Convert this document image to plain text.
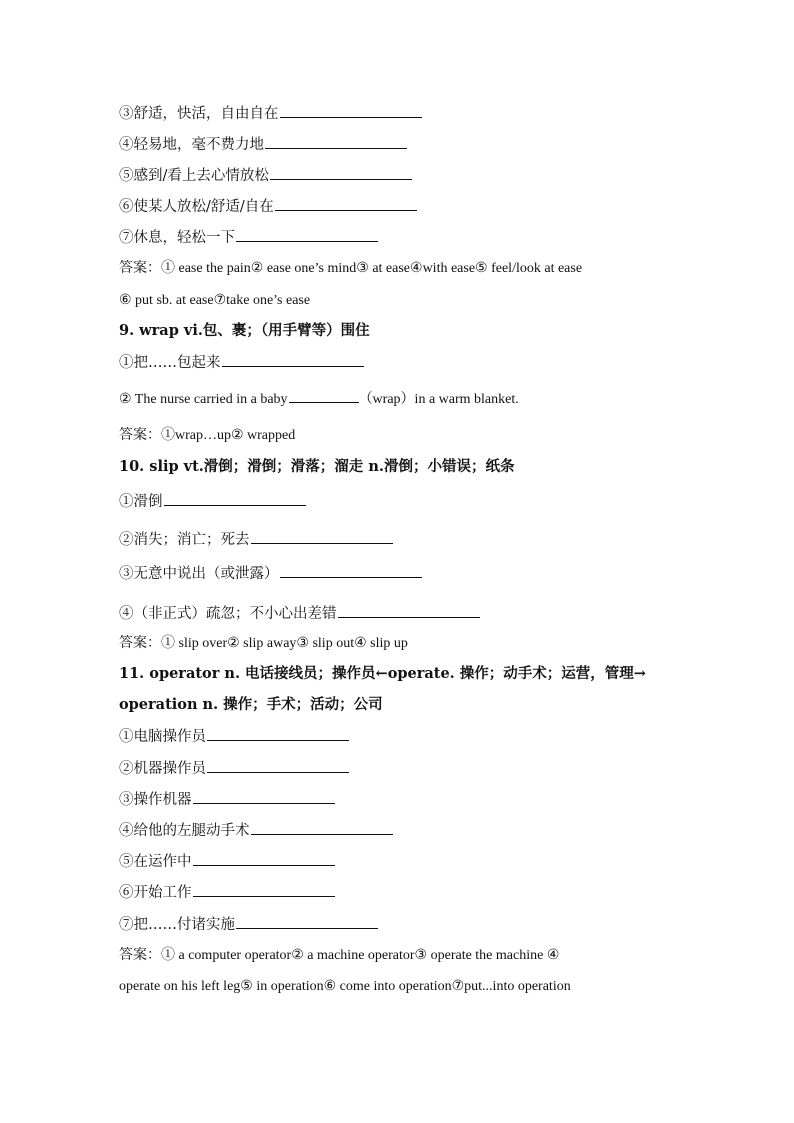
③舒适，快活，自由自在
④轻易地，毫不费力地
⑤感到/看上去心情放松
⑥使某人放松/舒适/自在
⑦休息，轻松一下
答案：① ease the pain② ease one’s mind③ at ease④with ease⑤ feel/look at ease
⑥ put sb. at ease⑦take one’s ease
9. wrap vi.包、裹；（用手臂等）围住
①把……包起来
② The nurse carried in a baby	（wrap）in a warm blanket.
答案：①wrap…up② wrapped
10. slip vt.滑倒；滑倒；滑落；溜走 n.滑倒；小错误；纸条
①滑倒
②消失；消亡；死去
③无意中说出（或泄露）
④（非正式）疏忽；不小心出差错
答案：① slip over② slip away③ slip out④ slip up
11. operator n. 电话接线员；操作员←operate. 操作；动手术；运营，管理→
operation n. 操作；手术；活动；公司
①电脑操作员
②机器操作员
③操作机器
④给他的左腿动手术
⑤在运作中
⑥开始工作
⑦把……付诸实施
答案：① a computer operator② a machine operator③ operate the machine ④
operate on his left leg⑤ in operation⑥ come into operation⑦put...into operation
